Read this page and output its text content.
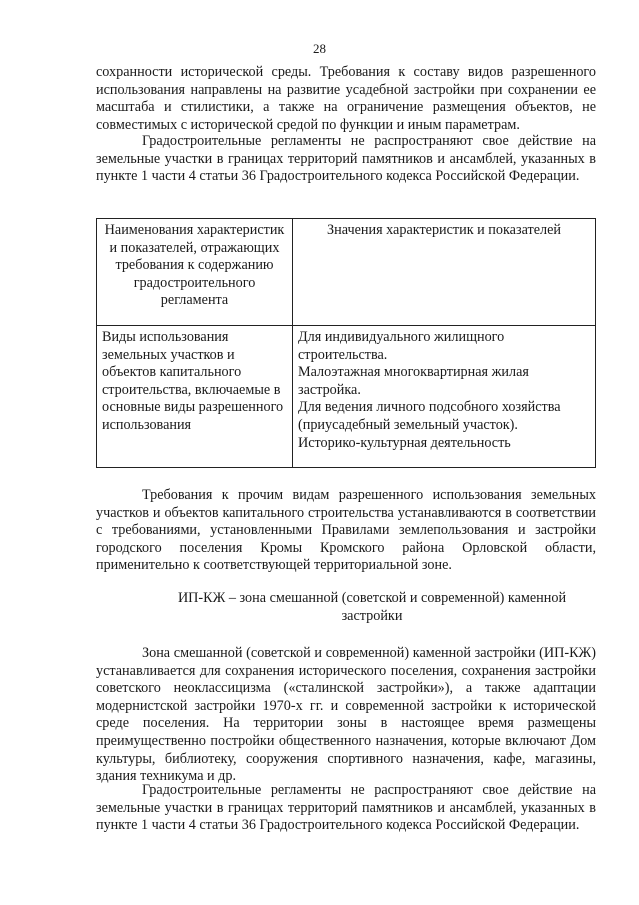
28

сохранности исторической среды. Требования к составу видов разрешенного использования направлены на развитие усадебной застройки при сохранении ее масштаба и стилистики, а также на ограничение размещения объектов, не совместимых с исторической средой по функции и иным параметрам.

Градостроительные регламенты не распространяют свое действие на земельные участки в границах территорий памятников и ансамблей, указанных в пункте 1 части 4 статьи 36 Градостроительного кодекса Российской Федерации.

Наименования характеристик и показателей, отражающих требования к содержанию градостроительного регламента	Значения характеристик и показателей
Виды использования земельных участков и объектов капитального строительства, включаемые в основные виды разрешенного использования	Для индивидуального жилищного строительства.
Малоэтажная многоквартирная жилая застройка.
Для ведения личного подсобного хозяйства (приусадебный земельный участок).
Историко-культурная деятельность

Требования к прочим видам разрешенного использования земельных участков и объектов капитального строительства устанавливаются в соответствии с требованиями, установленными Правилами землепользования и застройки городского поселения Кромы Кромского района Орловской области, применительно к соответствующей территориальной зоне.

ИП-КЖ – зона смешанной (советской и современной) каменной застройки

Зона смешанной (советской и современной) каменной застройки (ИП-КЖ) устанавливается для сохранения исторического поселения, сохранения застройки советского неоклассицизма («сталинской застройки»), а также адаптации модернистской застройки 1970-х гг. и современной застройки к исторической среде поселения. На территории зоны в настоящее время размещены преимущественно постройки общественного назначения, которые включают Дом культуры, библиотеку, сооружения спортивного назначения, кафе, магазины, здания техникума и др.

Градостроительные регламенты не распространяют свое действие на земельные участки в границах территорий памятников и ансамблей, указанных в пункте 1 части 4 статьи 36 Градостроительного кодекса Российской Федерации.
